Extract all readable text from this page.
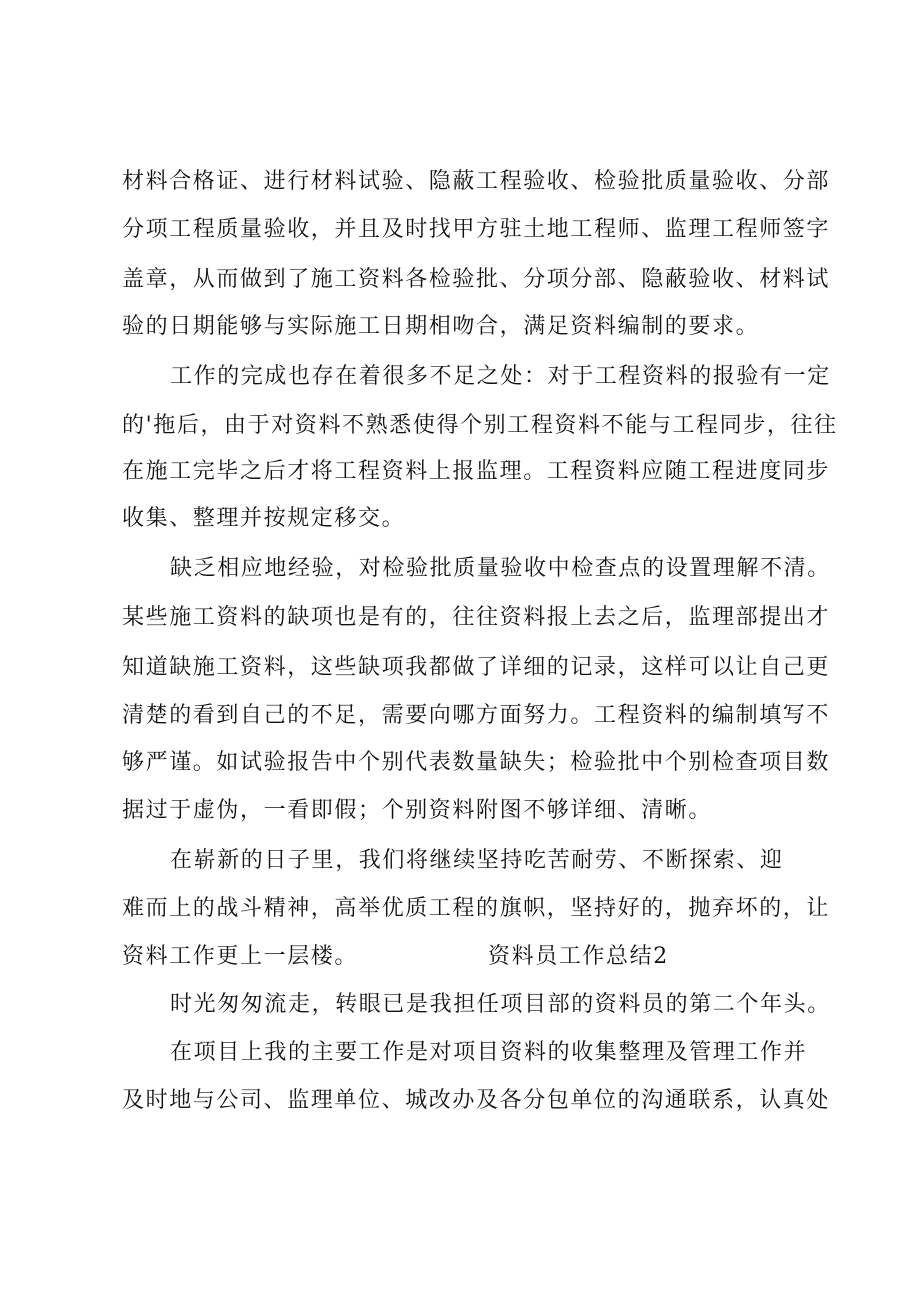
材料合格证、进行材料试验、隐蔽工程验收、检验批质量验收、分部
分项工程质量验收，并且及时找甲方驻土地工程师、监理工程师签字
盖章，从而做到了施工资料各检验批、分项分部、隐蔽验收、材料试
验的日期能够与实际施工日期相吻合，满足资料编制的要求。
工作的完成也存在着很多不足之处：对于工程资料的报验有一定
的'拖后，由于对资料不熟悉使得个别工程资料不能与工程同步，往往
在施工完毕之后才将工程资料上报监理。工程资料应随工程进度同步
收集、整理并按规定移交。
缺乏相应地经验，对检验批质量验收中检查点的设置理解不清。
某些施工资料的缺项也是有的，往往资料报上去之后，监理部提出才
知道缺施工资料，这些缺项我都做了详细的记录，这样可以让自己更
清楚的看到自己的不足，需要向哪方面努力。工程资料的编制填写不
够严谨。如试验报告中个别代表数量缺失；检验批中个别检查项目数
据过于虚伪，一看即假；个别资料附图不够详细、清晰。
在崭新的日子里，我们将继续坚持吃苦耐劳、不断探索、迎
难而上的战斗精神，高举优质工程的旗帜，坚持好的，抛弃坏的，让
资料工作更上一层楼。	资料员工作总结2
时光匆匆流走，转眼已是我担任项目部的资料员的第二个年头。
在项目上我的主要工作是对项目资料的收集整理及管理工作并
及时地与公司、监理单位、城改办及各分包单位的沟通联系，认真处
